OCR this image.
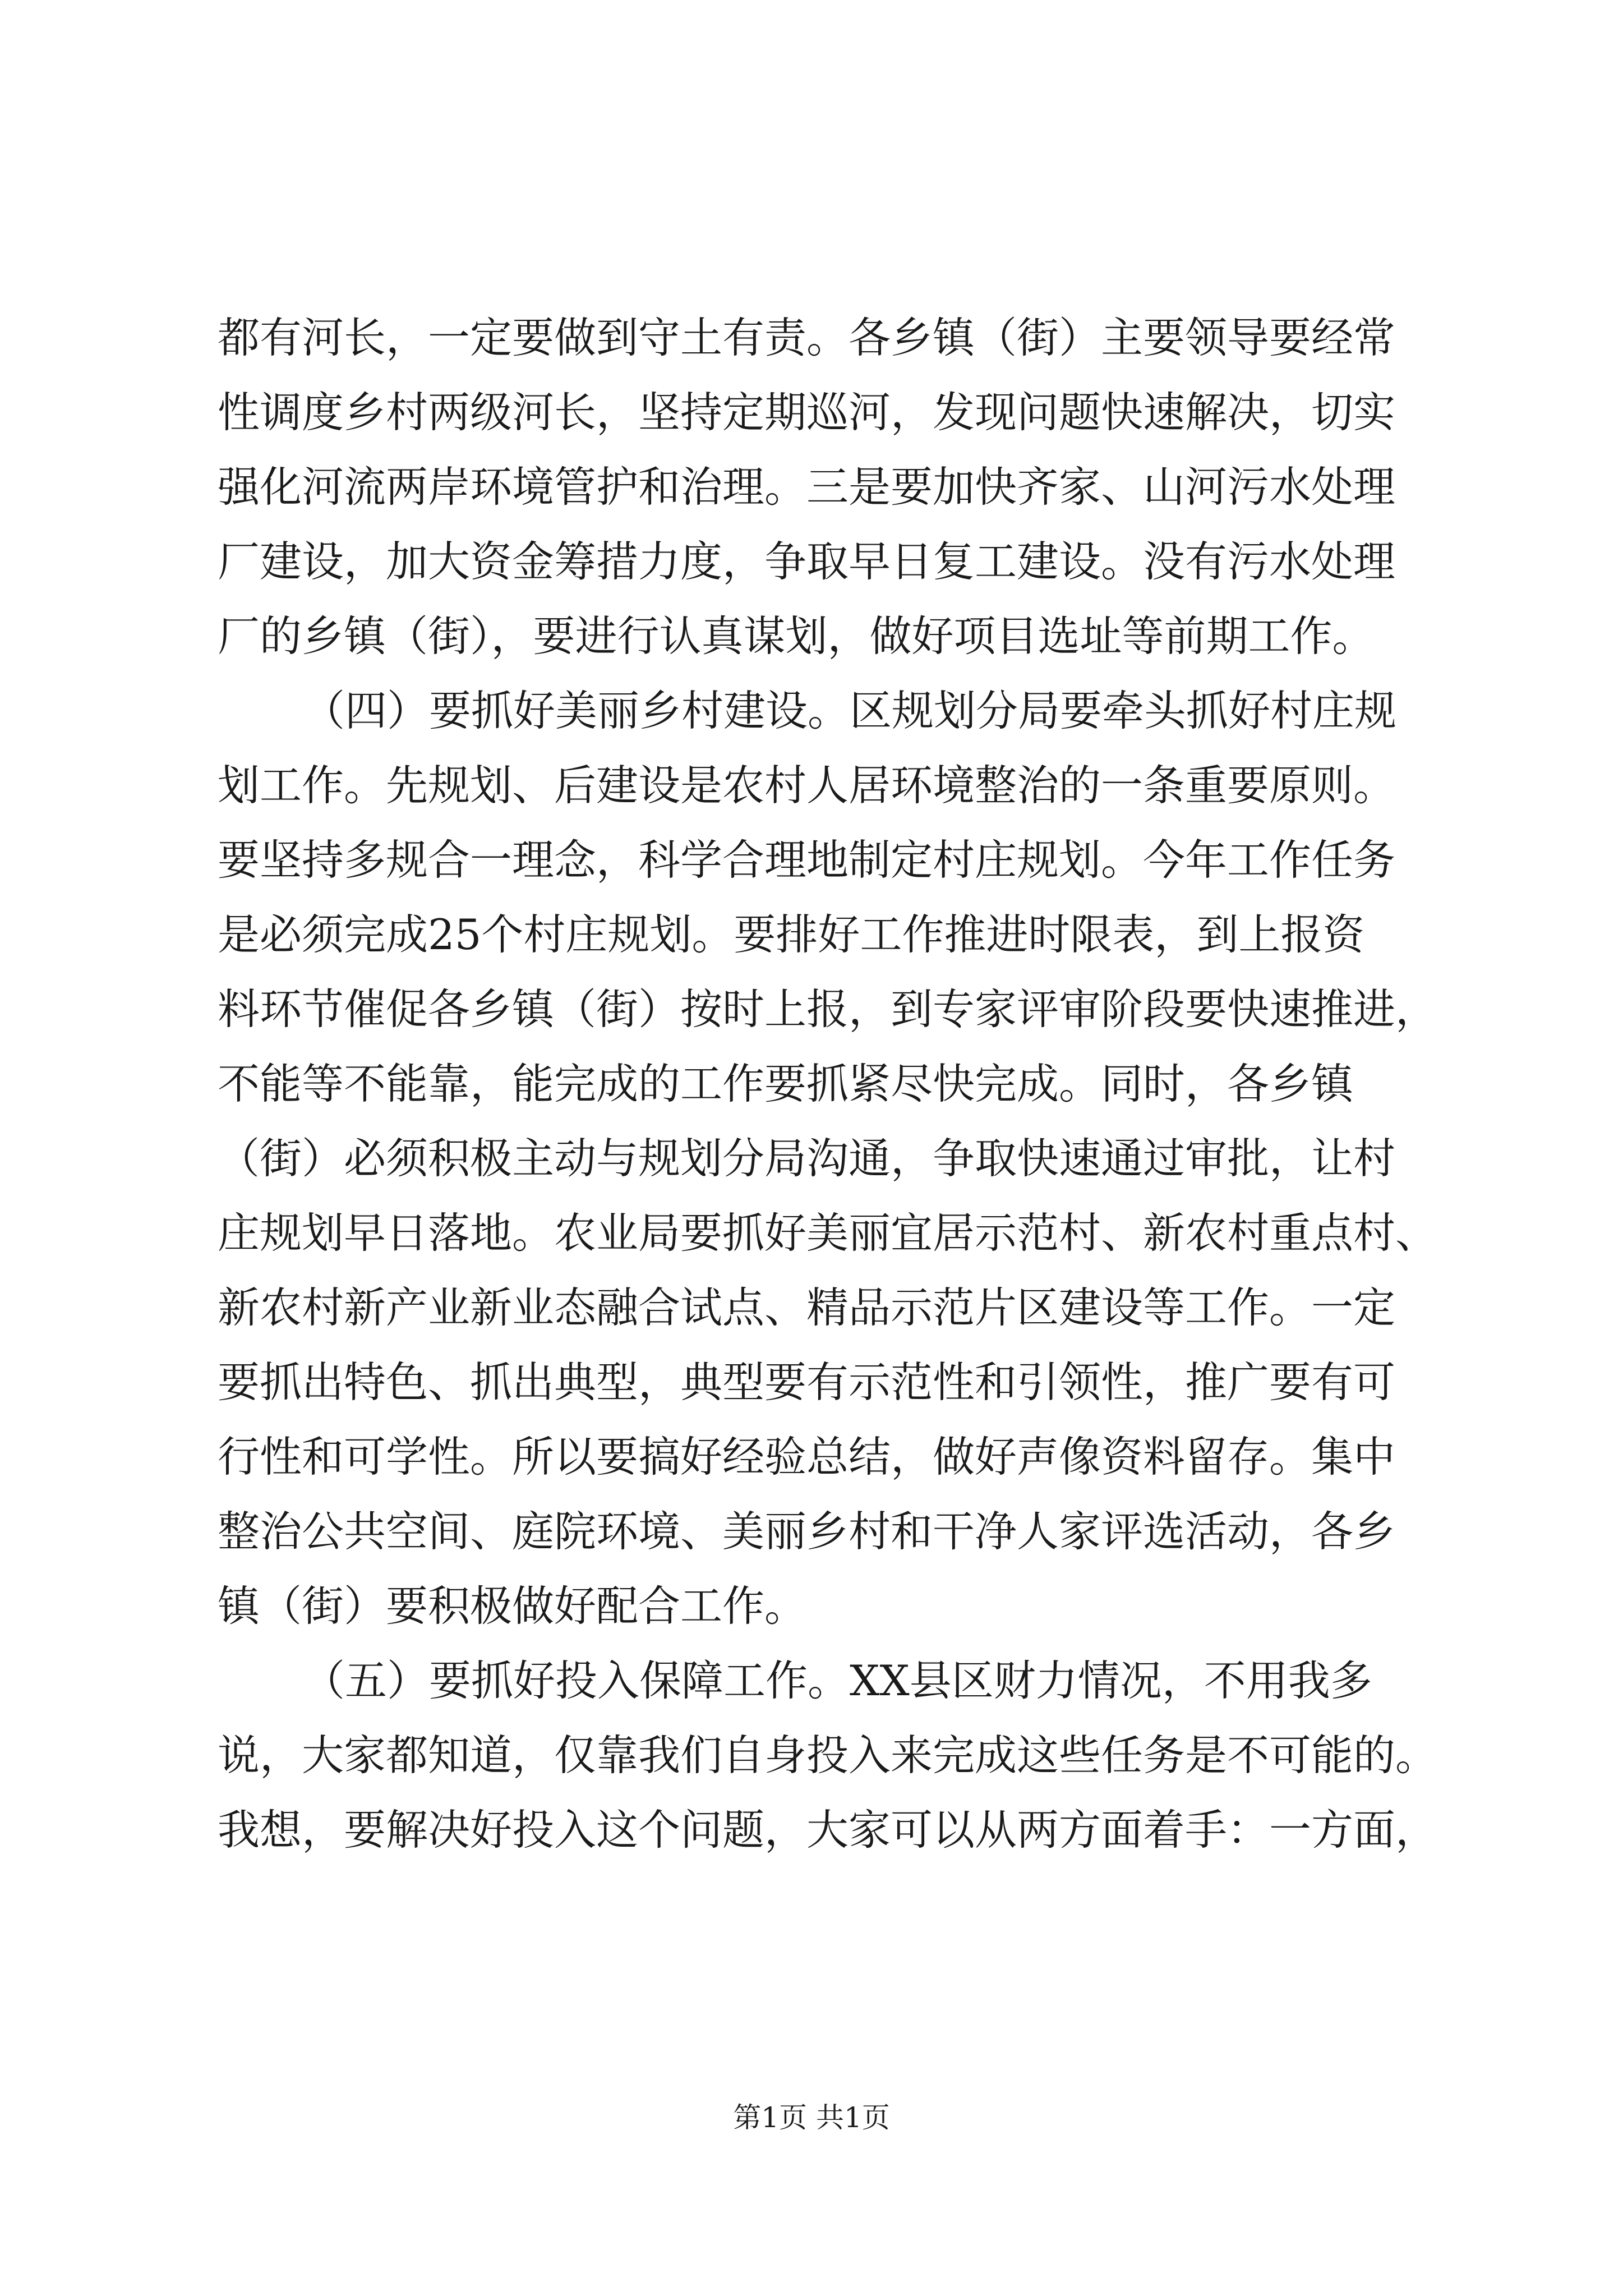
都有河长，一定要做到守土有责。各乡镇（街）主要领导要经常
性调度乡村两级河长，坚持定期巡河，发现问题快速解决，切实
强化河流两岸环境管护和治理。三是要加快齐家、山河污水处理
厂建设，加大资金筹措力度，争取早日复工建设。没有污水处理
厂的乡镇（街），要进行认真谋划，做好项目选址等前期工作。
（四）要抓好美丽乡村建设。区规划分局要牵头抓好村庄规
划工作。先规划、后建设是农村人居环境整治的一条重要原则。
要坚持多规合一理念，科学合理地制定村庄规划。今年工作任务
是必须完成25个村庄规划。要排好工作推进时限表，到上报资
料环节催促各乡镇（街）按时上报，到专家评审阶段要快速推进，
不能等不能靠，能完成的工作要抓紧尽快完成。同时，各乡镇
（街）必须积极主动与规划分局沟通，争取快速通过审批，让村
庄规划早日落地。农业局要抓好美丽宜居示范村、新农村重点村、
新农村新产业新业态融合试点、精品示范片区建设等工作。一定
要抓出特色、抓出典型，典型要有示范性和引领性，推广要有可
行性和可学性。所以要搞好经验总结，做好声像资料留存。集中
整治公共空间、庭院环境、美丽乡村和干净人家评选活动，各乡
镇（街）要积极做好配合工作。
（五）要抓好投入保障工作。XX县区财力情况，不用我多
说，大家都知道，仅靠我们自身投入来完成这些任务是不可能的。
我想，要解决好投入这个问题，大家可以从两方面着手：一方面，
第1页 共1页
